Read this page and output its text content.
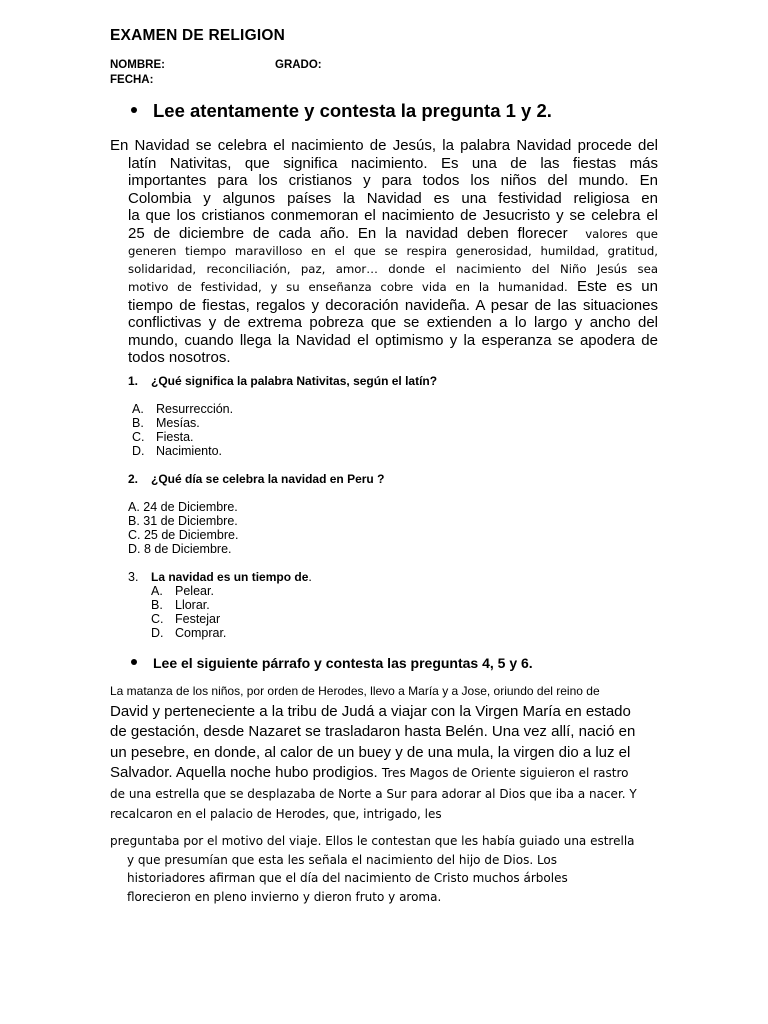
EXAMEN DE RELIGION
NOMBRE:	GRADO:
FECHA:
Lee atentamente y contesta la pregunta 1 y 2.
En Navidad se celebra el nacimiento de Jesús, la palabra Navidad procede del
latín Nativitas, que significa nacimiento. Es una de las fiestas más
importantes para los cristianos y para todos los niños del mundo. En
Colombia y algunos países la Navidad es una festividad religiosa en
la que los cristianos conmemoran el nacimiento de Jesucristo y se celebra el
25 de diciembre de cada año. En la navidad deben florecer valores que
generen tiempo maravilloso en el que se respira generosidad, humildad, gratitud,
solidaridad, reconciliación, paz, amor… donde el nacimiento del Niño Jesús sea
motivo de festividad, y su enseñanza cobre vida en la humanidad. Este es un
tiempo de fiestas, regalos y decoración navideña. A pesar de las situaciones
conflictivas y de extrema pobreza que se extienden a lo largo y ancho del
mundo, cuando llega la Navidad el optimismo y la esperanza se apodera de
todos nosotros.
1. ¿Qué significa la palabra Nativitas, según el latín?
A. Resurrección.
B. Mesías.
C. Fiesta.
D. Nacimiento.
2. ¿Qué día se celebra la navidad en Peru ?
A. 24 de Diciembre.
B. 31 de Diciembre.
C. 25 de Diciembre.
D. 8 de Diciembre.
3. La navidad es un tiempo de.
A. Pelear.
B. Llorar.
C. Festejar
D. Comprar.
Lee el siguiente párrafo y contesta las preguntas 4, 5 y 6.
La matanza de los niños, por orden de Herodes, llevo a María y a Jose, oriundo del reino de
David y perteneciente a la tribu de Judá a viajar con la Virgen María en estado
de gestación, desde Nazaret se trasladaron hasta Belén. Una vez allí, nació en
un pesebre, en donde, al calor de un buey y de una mula, la virgen dio a luz el
Salvador. Aquella noche hubo prodigios. Tres Magos de Oriente siguieron el rastro
de una estrella que se desplazaba de Norte a Sur para adorar al Dios que iba a nacer. Y
recalcaron en el palacio de Herodes, que, intrigado, les
preguntaba por el motivo del viaje. Ellos le contestan que les había guiado una estrella
y que presumían que esta les señala el nacimiento del hijo de Dios. Los
historiadores afirman que el día del nacimiento de Cristo muchos árboles
florecieron en pleno invierno y dieron fruto y aroma.
